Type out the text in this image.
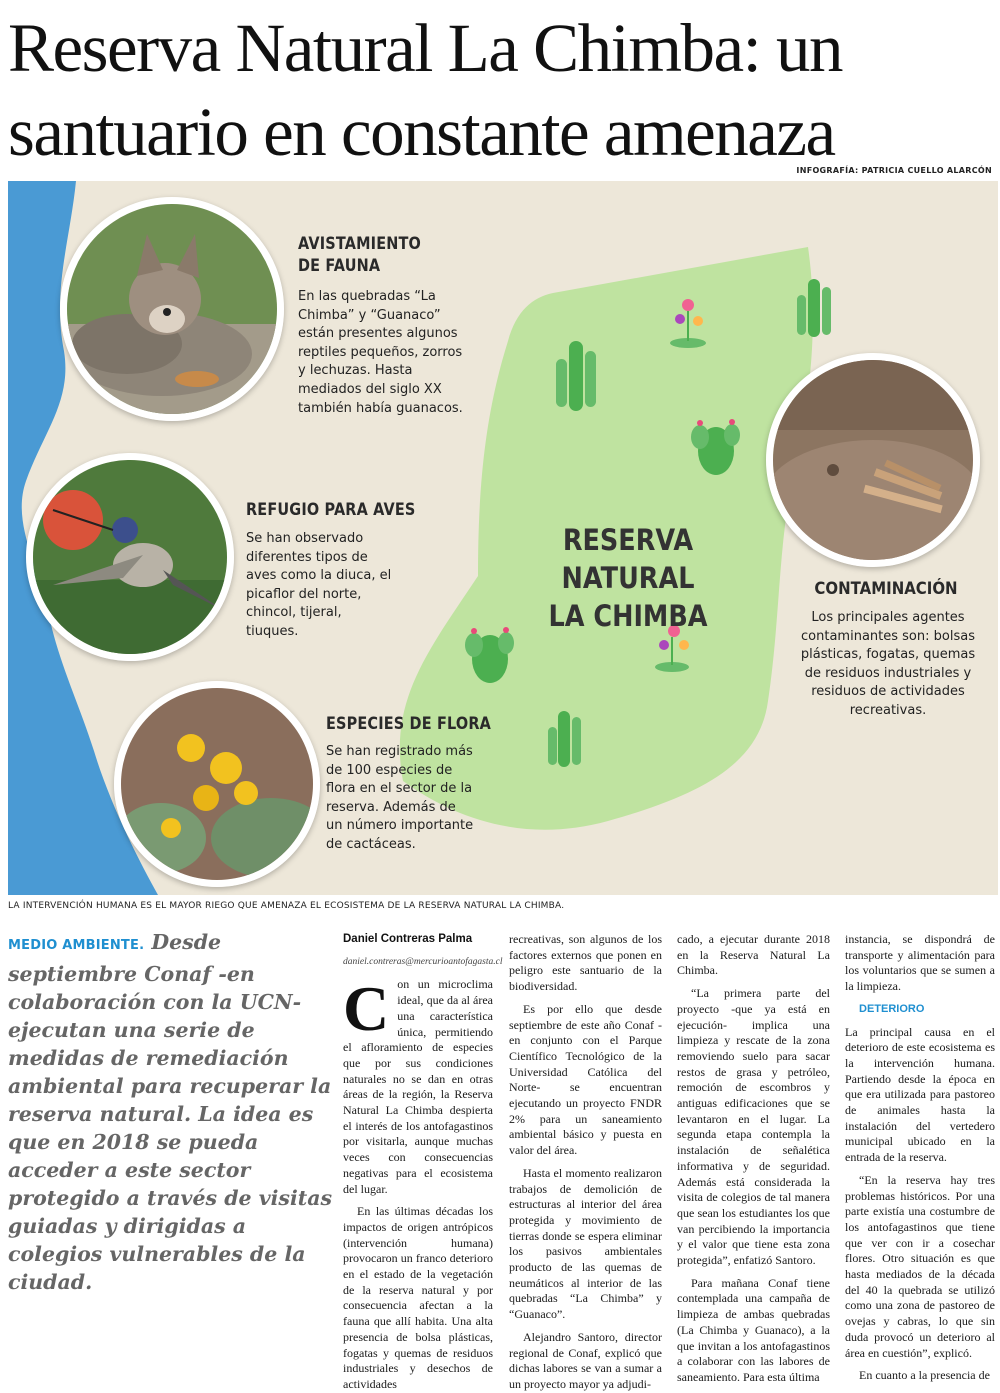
Reserva Natural La Chimba: un santuario en constante amenaza
INFOGRAFÍA: PATRICIA CUELLO ALARCÓN
AVISTAMIENTO
DE FAUNA

En las quebradas “La Chimba” y “Guanaco” están presentes algunos reptiles pequeños, zorros y lechuzas. Hasta mediados del siglo XX también había guanacos.

REFUGIO PARA AVES

Se han observado diferentes tipos de aves como la diuca, el picaflor del norte, chincol, tijeral, tiuques.

ESPECIES DE FLORA

Se han registrado más de 100 especies de flora en el sector de la reserva. Además de un número importante de cactáceas.

RESERVA NATURAL
LA CHIMBA
CONTAMINACIÓN

Los principales agentes contaminantes son: bolsas plásticas, fogatas, quemas de residuos industriales y residuos de actividades recreativas.

LA INTERVENCIÓN HUMANA ES EL MAYOR RIEGO QUE AMENAZA EL ECOSISTEMA DE LA RESERVA NATURAL LA CHIMBA.

MEDIO AMBIENTE. Desde septiembre Conaf -en colaboración con la UCN- ejecutan una serie de medidas de remediación ambiental para recuperar la reserva natural. La idea es que en 2018 se pueda acceder a este sector protegido a través de visitas guiadas y dirigidas a colegios vulnerables de la ciudad.

Daniel Contreras Palma

daniel.contreras@mercurioantofagasta.cl

Con un microclima ideal, que da al área una característica única, permitiendo el afloramiento de especies que por sus condiciones naturales no se dan en otras áreas de la región, la Reserva Natural La Chimba despierta el interés de los antofagastinos por visitarla, aunque muchas veces con consecuencias negativas para el ecosistema del lugar.

En las últimas décadas los impactos de origen antrópicos (intervención humana) provocaron un franco deterioro en el estado de la vegetación de la reserva natural y por consecuencia afectan a la fauna que allí habita. Una alta presencia de bolsa plásticas, fogatas y quemas de residuos industriales y desechos de actividades

recreativas, son algunos de los factores externos que ponen en peligro este santuario de la biodiversidad.

Es por ello que desde septiembre de este año Conaf -en conjunto con el Parque Científico Tecnológico de la Universidad Católica del Norte- se encuentran ejecutando un proyecto FNDR 2% para un saneamiento ambiental básico y puesta en valor del área.

Hasta el momento realizaron trabajos de demolición de estructuras al interior del área protegida y movimiento de tierras donde se espera eliminar los pasivos ambientales producto de las quemas de neumáticos al interior de las quebradas “La Chimba” y “Guanaco”.

Alejandro Santoro, director regional de Conaf, explicó que dichas labores se van a sumar a un proyecto mayor ya adjudi-

cado, a ejecutar durante 2018 en la Reserva Natural La Chimba.

“La primera parte del proyecto -que ya está en ejecución- implica una limpieza y rescate de la zona removiendo suelo para sacar restos de grasa y petróleo, remoción de escombros y antiguas edificaciones que se levantaron en el lugar. La segunda etapa contempla la instalación de señalética informativa y de seguridad. Además está considerada la visita de colegios de tal manera que sean los estudiantes los que van percibiendo la importancia y el valor que tiene esta zona protegida”, enfatizó Santoro.

Para mañana Conaf tiene contemplada una campaña de limpieza de ambas quebradas (La Chimba y Guanaco), a la que invitan a los antofagastinos a colaborar con las labores de saneamiento. Para esta última

instancia, se dispondrá de transporte y alimentación para los voluntarios que se sumen a la limpieza.

DETERIORO

La principal causa en el deterioro de este ecosistema es la intervención humana. Partiendo desde la época en que era utilizada para pastoreo de animales hasta la instalación del vertedero municipal ubicado en la entrada de la reserva.

“En la reserva hay tres problemas históricos. Por una parte existía una costumbre de los antofagastinos que tiene que ver con ir a cosechar flores. Otro situación es que hasta mediados de la década del 40 la quebrada se utilizó como una zona de pastoreo de ovejas y cabras, lo que sin duda provocó un deterioro al área en cuestión”, explicó.

En cuanto a la presencia de
